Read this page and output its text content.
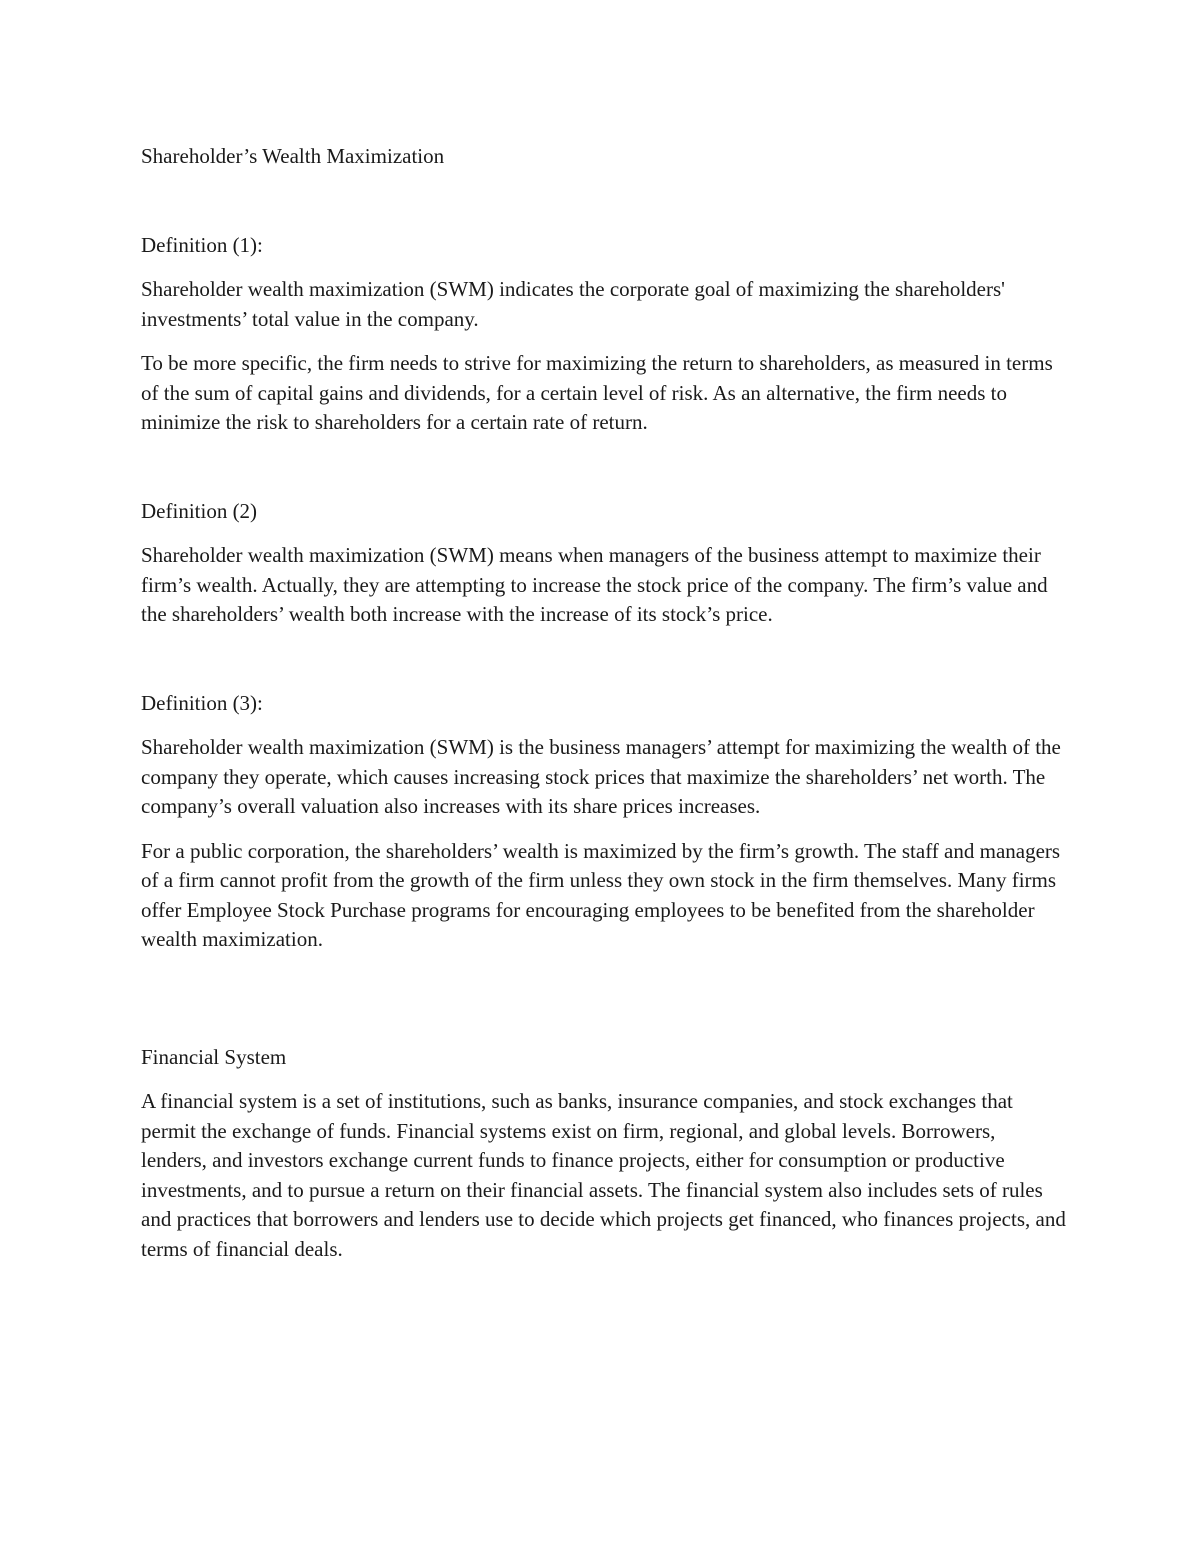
Shareholder’s Wealth Maximization
Definition (1):

Shareholder wealth maximization (SWM) indicates the corporate goal of maximizing the shareholders' investments’ total value in the company.

To be more specific, the firm needs to strive for maximizing the return to shareholders, as measured in terms of the sum of capital gains and dividends, for a certain level of risk. As an alternative, the firm needs to minimize the risk to shareholders for a certain rate of return.

Definition (2)

Shareholder wealth maximization (SWM) means when managers of the business attempt to maximize their firm’s wealth. Actually, they are attempting to increase the stock price of the company. The firm’s value and the shareholders’ wealth both increase with the increase of its stock’s price.

Definition (3):

Shareholder wealth maximization (SWM) is the business managers’ attempt for maximizing the wealth of the company they operate, which causes increasing stock prices that maximize the shareholders’ net worth. The company’s overall valuation also increases with its share prices increases.

For a public corporation, the shareholders’ wealth is maximized by the firm’s growth. The staff and managers of a firm cannot profit from the growth of the firm unless they own stock in the firm themselves. Many firms offer Employee Stock Purchase programs for encouraging employees to be benefited from the shareholder wealth maximization.

Financial System

A financial system is a set of institutions, such as banks, insurance companies, and stock exchanges that permit the exchange of funds. Financial systems exist on firm, regional, and global levels. Borrowers, lenders, and investors exchange current funds to finance projects, either for consumption or productive investments, and to pursue a return on their financial assets. The financial system also includes sets of rules and practices that borrowers and lenders use to decide which projects get financed, who finances projects, and terms of financial deals.
